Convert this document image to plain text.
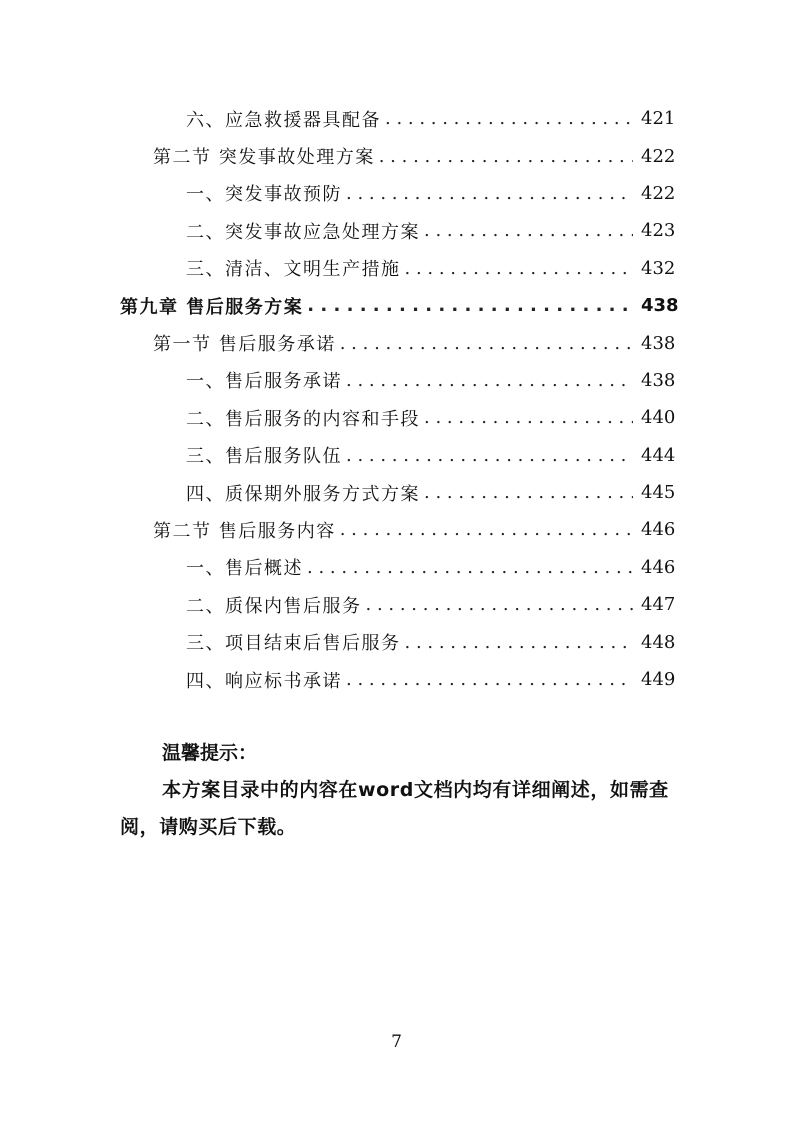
六、应急救援器具配备 . . .	421
第二节 突发事故处理方案 . . .	422
一、突发事故预防 . . .	422
二、突发事故应急处理方案 . . .	423
三、清洁、文明生产措施 . . .	432
第九章 售后服务方案 . . .	438
第一节 售后服务承诺 . . .	438
一、售后服务承诺 . . .	438
二、售后服务的内容和手段 . . .	440
三、售后服务队伍 . . .	444
四、质保期外服务方式方案 . . .	445
第二节 售后服务内容 . . .	446
一、售后概述 . . .	446
二、质保内售后服务 . . .	447
三、项目结束后售后服务 . . .	448
四、响应标书承诺 . . .	449
温馨提示：
本方案目录中的内容在word文档内均有详细阐述，如需查阅，请购买后下载。
7
